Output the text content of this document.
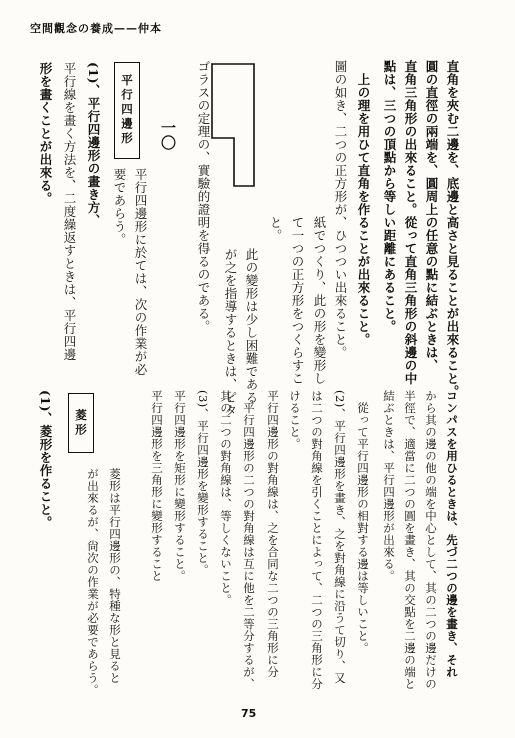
空間觀念の養成——仲本
直角を夾む二邊を、底邊と高さと見ることが出來ること。
圓の直徑の兩端を、圓周上の任意の點に結ぶときは、
直角三角形の出來ること。從って直角三角形の斜邊の中
點は、三つの頂點から等しい距離にあること。
上の理を用ひて直角を作ることが出來ること。
圖の如き、二つの正方形が、ひつつい出來ること。
紙でつくり、此の形を變形し
て一つの正方形をつくらすこ
と。
此の變形は少し困難である
が之を指導するときは、ピタ
ゴラスの定理の、實驗的證明を得るのである。
一〇
平行四邊形
平行四邊形に於ては、次の作業が必
要であらう。
(1)、平行四邊形の畫き方、
平行線を畫く方法を、二度繰返すときは、平行四邊
形を畫くことが出來る。
コンパスを用ひるときは、先づ二つの邊を畫き、それ
から其の邊の他の端を中心として、其の二つの邊だけの
半徑で、適當に二つの圓を畫き、其の交點を二邊の端と
結ぶときは、平行四邊形が出來る。
從って平行四邊形の相對する邊は等しいこと。
(2)、平行四邊形を畫き、之を對角線に沿うて切り、又
は二つの對角線を引くことによって、二つの三角形に分
けること。
平行四邊形の對角線は、之を合同な二つの三角形に分
平行四邊形の二つの對角線は互に他を二等分するが、
其の二つの對角線は、等しくないこと。
(3)、平行四邊形を變形すること。
平行四邊形を矩形に變形すること。
平行四邊形を三角形に變形すること
菱形
菱形は平行四邊形の、特種な形と見ると
が出來るが、尙次の作業が必要であらう。
(1)、菱形を作ること。
75
